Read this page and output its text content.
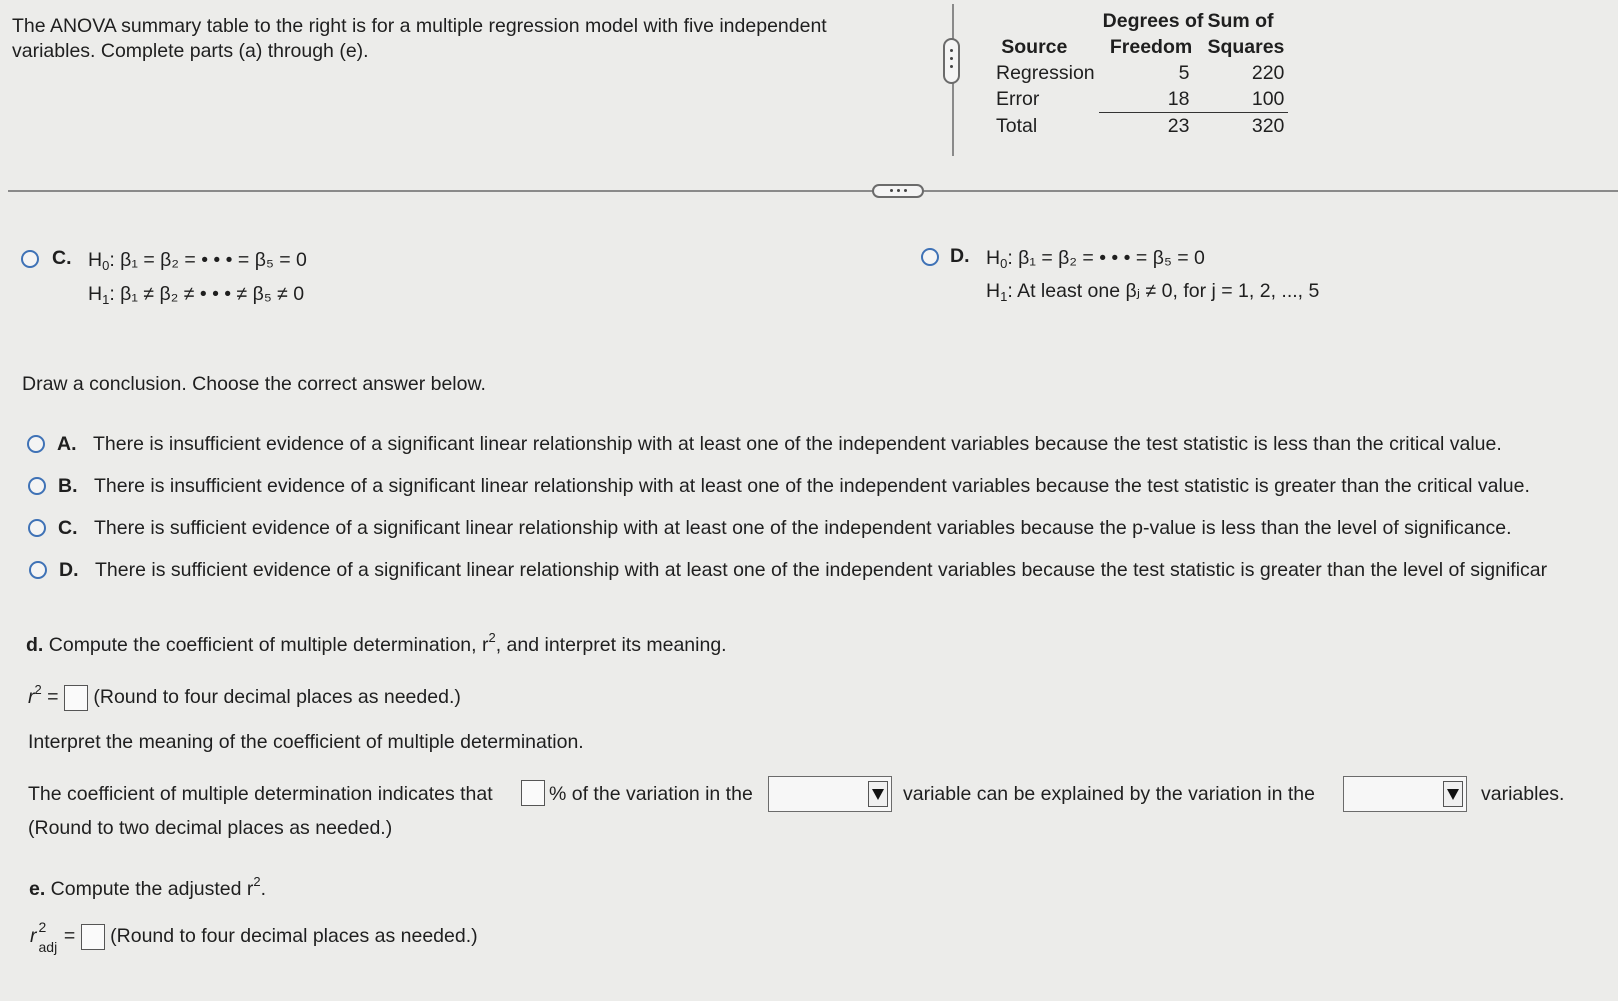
The ANOVA summary table to the right is for a multiple regression model with five independent variables. Complete parts (a) through (e).
	Degrees of	Sum of
Source	Freedom	Squares
Regression	5	220
Error	18	100
Total	23	320
C. $H_0$: β₁ = β₂ = • • • = β₅ = 0
$H_1$: β₁ ≠ β₂ ≠ • • • ≠ β₅ ≠ 0
D. $H_0$: β₁ = β₂ = • • • = β₅ = 0
$H_1$: At least one βⱼ ≠ 0, for j = 1, 2, ..., 5
Draw a conclusion. Choose the correct answer below.
A. There is insufficient evidence of a significant linear relationship with at least one of the independent variables because the test statistic is less than the critical value.
B. There is insufficient evidence of a significant linear relationship with at least one of the independent variables because the test statistic is greater than the critical value.
C. There is sufficient evidence of a significant linear relationship with at least one of the independent variables because the p-value is less than the level of significance.
D. There is sufficient evidence of a significant linear relationship with at least one of the independent variables because the test statistic is greater than the level of significar
d. Compute the coefficient of multiple determination, $r^2$, and interpret its meaning.
$r^2$ = (Round to four decimal places as needed.)
Interpret the meaning of the coefficient of multiple determination.
The coefficient of multiple determination indicates that	% of the variation in the	variable can be explained by the variation in the	variables.
(Round to two decimal places as needed.)
e. Compute the adjusted $r^2$.
r 2
adj = (Round to four decimal places as needed.)
